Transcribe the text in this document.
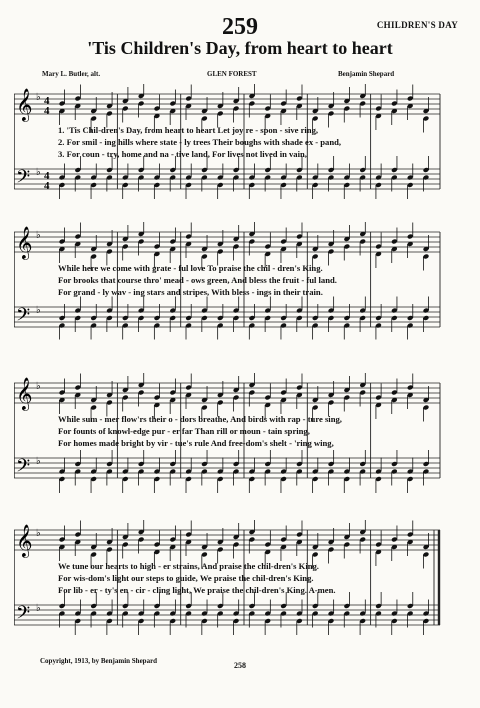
259	CHILDREN'S DAY
'Tis Children's Day, from heart to heart
Mary L. Butler, alt.	GLEN FOREST	Benjamin Shepard
𝄞
𝄢
♭
♭
4
4
4
4
1. 'Tis Chil-dren's Day, from heart to heart Let joy re - spon - sive ring,
2. For smil - ing hills where state - ly trees Their boughs with shade ex - pand,
3. For coun - try, home and na - tive land, For lives not lived in vain,
𝄞
𝄢
♭
♭
While here we come with grate - ful love To praise the chil - dren's King.
For brooks that course thro' mead - ows green, And bless the fruit - ful land.
For grand - ly wav - ing stars and stripes, With bless - ings in their train.
𝄞
𝄢
♭
♭
While sum - mer flow'rs their o - dors breathe, And birds with rap - ture sing,
For founts of knowl-edge pur - er far Than rill or moun - tain spring,
For homes made bright by vir - tue's rule And free-dom's shelt - 'ring wing,
𝄞
𝄢
♭
♭
We tune our hearts to high - er strains, And praise the chil-dren's King.
For wis-dom's light our steps to guide, We praise the chil-dren's King.
For lib - er - ty's en - cir - cling light, We praise the chil-dren's King. A-men.
Copyright, 1913, by Benjamin Shepard	258
